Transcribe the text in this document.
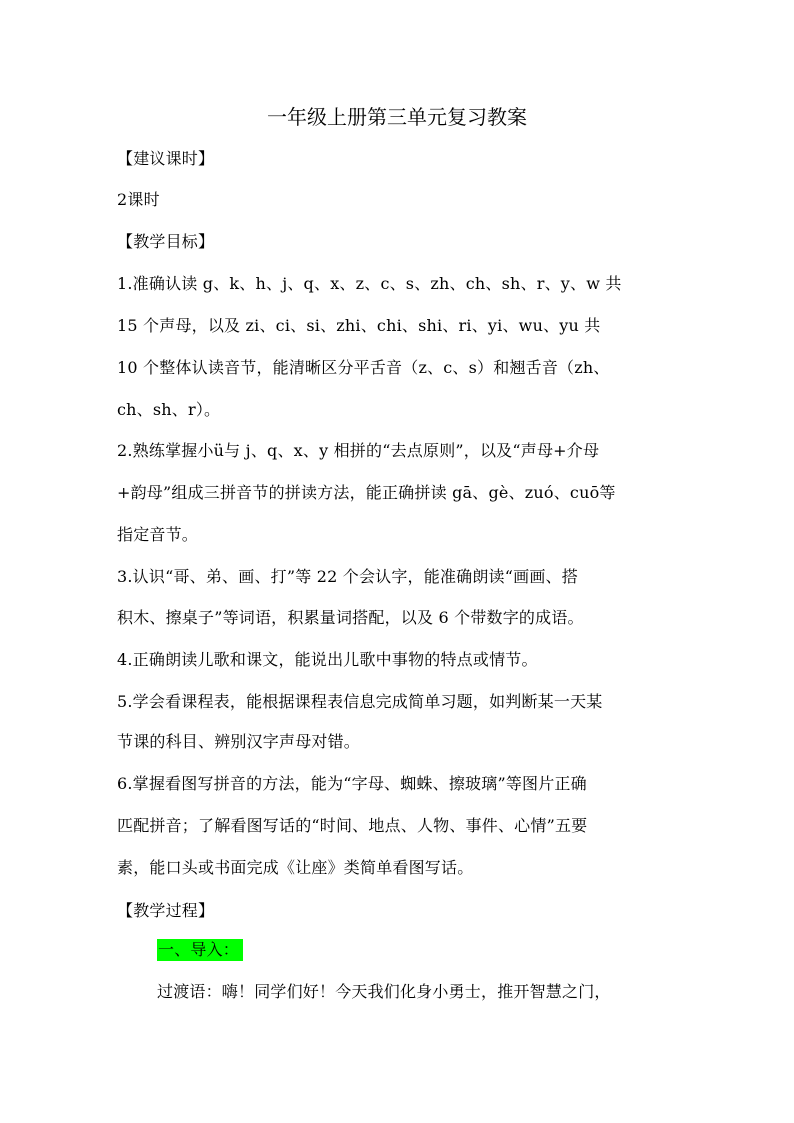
一年级上册第三单元复习教案
【建议课时】
2课时
【教学目标】
1.准确认读 g、k、h、j、q、x、z、c、s、zh、ch、sh、r、y、w 共
15 个声母，以及 zi、ci、si、zhi、chi、shi、ri、yi、wu、yu 共
10 个整体认读音节，能清晰区分平舌音（z、c、s）和翘舌音（zh、
ch、sh、r）。
2.熟练掌握小ü与 j、q、x、y 相拼的“去点原则”，以及“声母+介母
+韵母”组成三拼音节的拼读方法，能正确拼读 gā、gè、zuó、cuō等
指定音节。
3.认识“哥、弟、画、打”等 22 个会认字，能准确朗读“画画、搭
积木、擦桌子”等词语，积累量词搭配，以及 6 个带数字的成语。
4.正确朗读儿歌和课文，能说出儿歌中事物的特点或情节。
5.学会看课程表，能根据课程表信息完成简单习题，如判断某一天某
节课的科目、辨别汉字声母对错。
6.掌握看图写拼音的方法，能为“字母、蜘蛛、擦玻璃”等图片正确
匹配拼音；了解看图写话的“时间、地点、人物、事件、心情”五要
素，能口头或书面完成《让座》类简单看图写话。
【教学过程】
一、导入：
过渡语：嗨！同学们好！今天我们化身小勇士，推开智慧之门，
